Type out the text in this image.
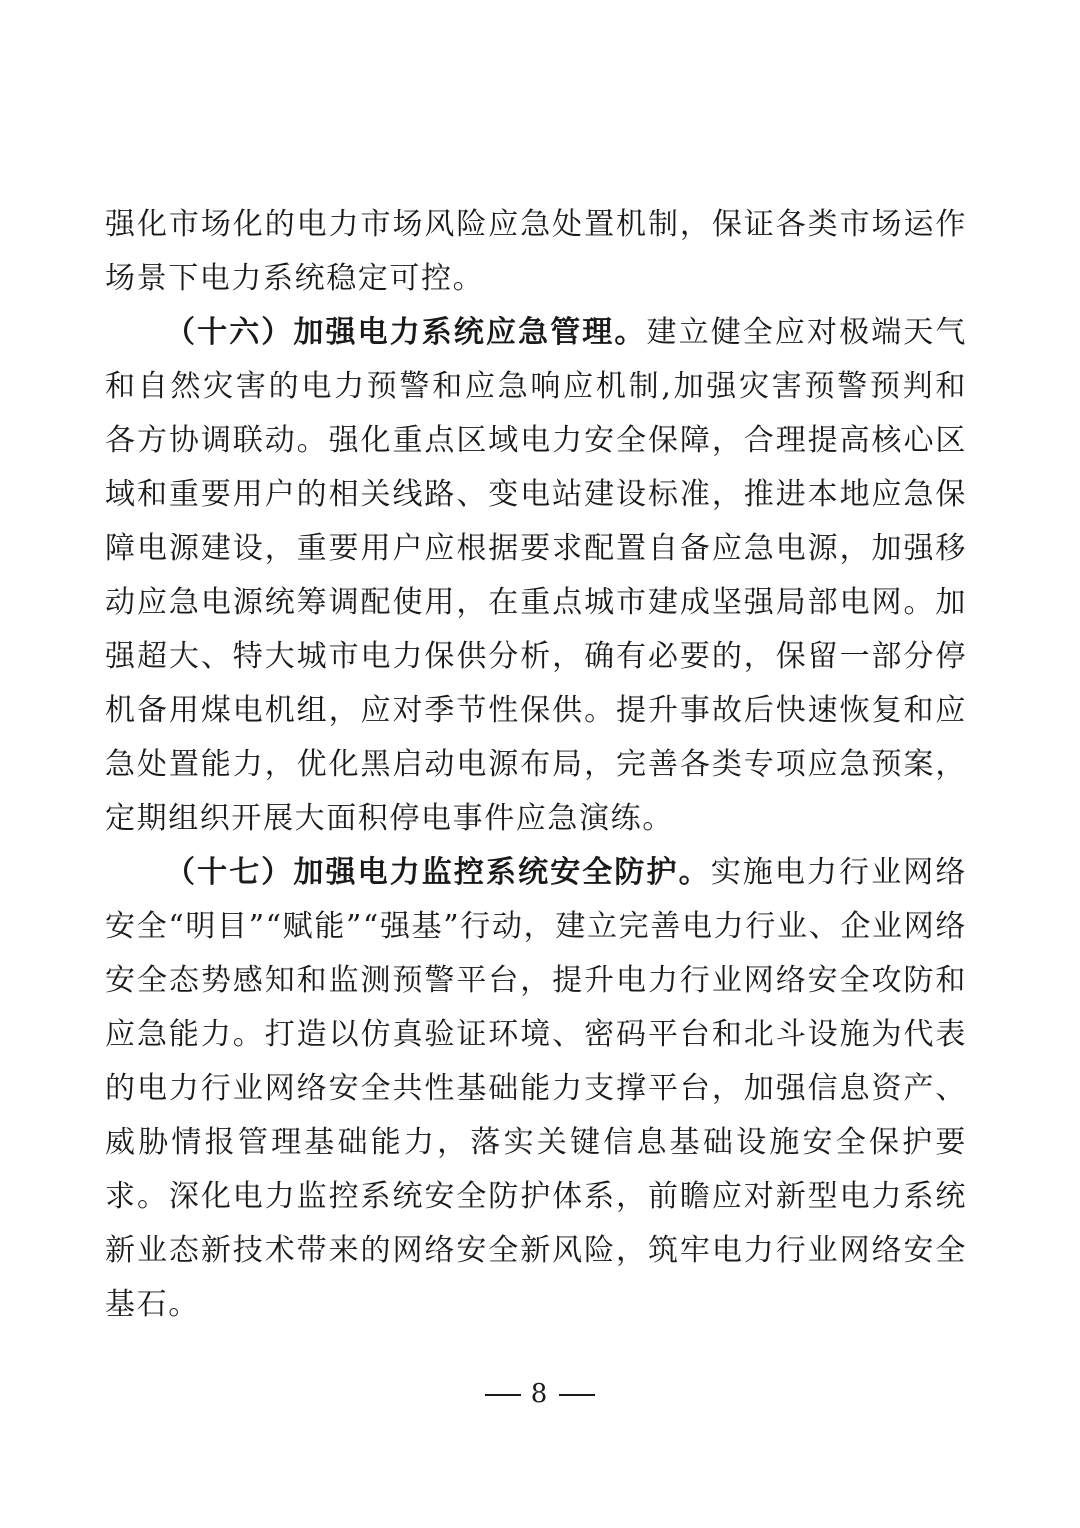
强化市场化的电力市场风险应急处置机制，保证各类市场运作场景下电力系统稳定可控。

（十六）加强电力系统应急管理。建立健全应对极端天气和自然灾害的电力预警和应急响应机制,加强灾害预警预判和各方协调联动。强化重点区域电力安全保障，合理提高核心区域和重要用户的相关线路、变电站建设标准，推进本地应急保障电源建设，重要用户应根据要求配置自备应急电源，加强移动应急电源统筹调配使用，在重点城市建成坚强局部电网。加强超大、特大城市电力保供分析，确有必要的，保留一部分停机备用煤电机组，应对季节性保供。提升事故后快速恢复和应急处置能力，优化黑启动电源布局，完善各类专项应急预案，定期组织开展大面积停电事件应急演练。

（十七）加强电力监控系统安全防护。实施电力行业网络安全“明目”“赋能”“强基”行动，建立完善电力行业、企业网络安全态势感知和监测预警平台，提升电力行业网络安全攻防和应急能力。打造以仿真验证环境、密码平台和北斗设施为代表的电力行业网络安全共性基础能力支撑平台，加强信息资产、威胁情报管理基础能力，落实关键信息基础设施安全保护要求。深化电力监控系统安全防护体系，前瞻应对新型电力系统新业态新技术带来的网络安全新风险，筑牢电力行业网络安全基石。

8
